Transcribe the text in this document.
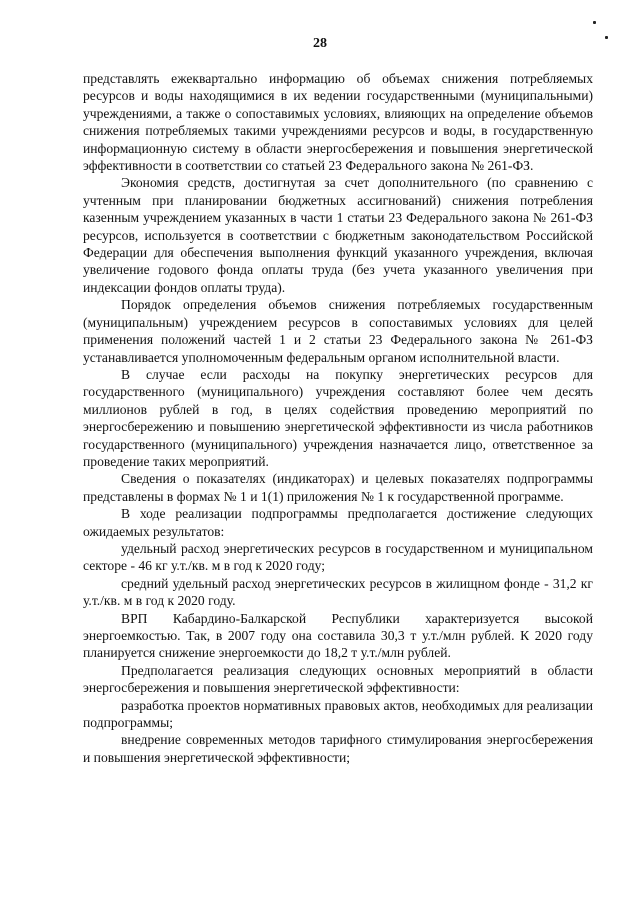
28

представлять ежеквартально информацию об объемах снижения потребляемых ресурсов и воды находящимися в их ведении государственными (муниципальными) учреждениями, а также о сопоставимых условиях, влияющих на определение объемов снижения потребляемых такими учреждениями ресурсов и воды, в государственную информационную систему в области энергосбережения и повышения энергетической эффективности в соответствии со статьей 23 Федерального закона № 261-ФЗ.

Экономия средств, достигнутая за счет дополнительного (по сравнению с учтенным при планировании бюджетных ассигнований) снижения потребления казенным учреждением указанных в части 1 статьи 23 Федерального закона № 261-ФЗ ресурсов, используется в соответствии с бюджетным законодательством Российской Федерации для обеспечения выполнения функций указанного учреждения, включая увеличение годового фонда оплаты труда (без учета указанного увеличения при индексации фондов оплаты труда).

Порядок определения объемов снижения потребляемых государственным (муниципальным) учреждением ресурсов в сопоставимых условиях для целей применения положений частей 1 и 2 статьи 23 Федерального закона № 261-ФЗ устанавливается уполномоченным федеральным органом исполнительной власти.

В случае если расходы на покупку энергетических ресурсов для государственного (муниципального) учреждения составляют более чем десять миллионов рублей в год, в целях содействия проведению мероприятий по энергосбережению и повышению энергетической эффективности из числа работников государственного (муниципального) учреждения назначается лицо, ответственное за проведение таких мероприятий.

Сведения о показателях (индикаторах) и целевых показателях подпрограммы представлены в формах № 1 и 1(1) приложения № 1 к государственной программе.

В ходе реализации подпрограммы предполагается достижение следующих ожидаемых результатов:

удельный расход энергетических ресурсов в государственном и муниципальном секторе - 46 кг у.т./кв. м в год к 2020 году;

средний удельный расход энергетических ресурсов в жилищном фонде - 31,2 кг у.т./кв. м в год к 2020 году.

ВРП Кабардино-Балкарской Республики характеризуется высокой энергоемкостью. Так, в 2007 году она составила 30,3 т у.т./млн рублей. К 2020 году планируется снижение энергоемкости до 18,2 т у.т./млн рублей.

Предполагается реализация следующих основных мероприятий в области энергосбережения и повышения энергетической эффективности:

разработка проектов нормативных правовых актов, необходимых для реализации подпрограммы;

внедрение современных методов тарифного стимулирования энергосбережения и повышения энергетической эффективности;
